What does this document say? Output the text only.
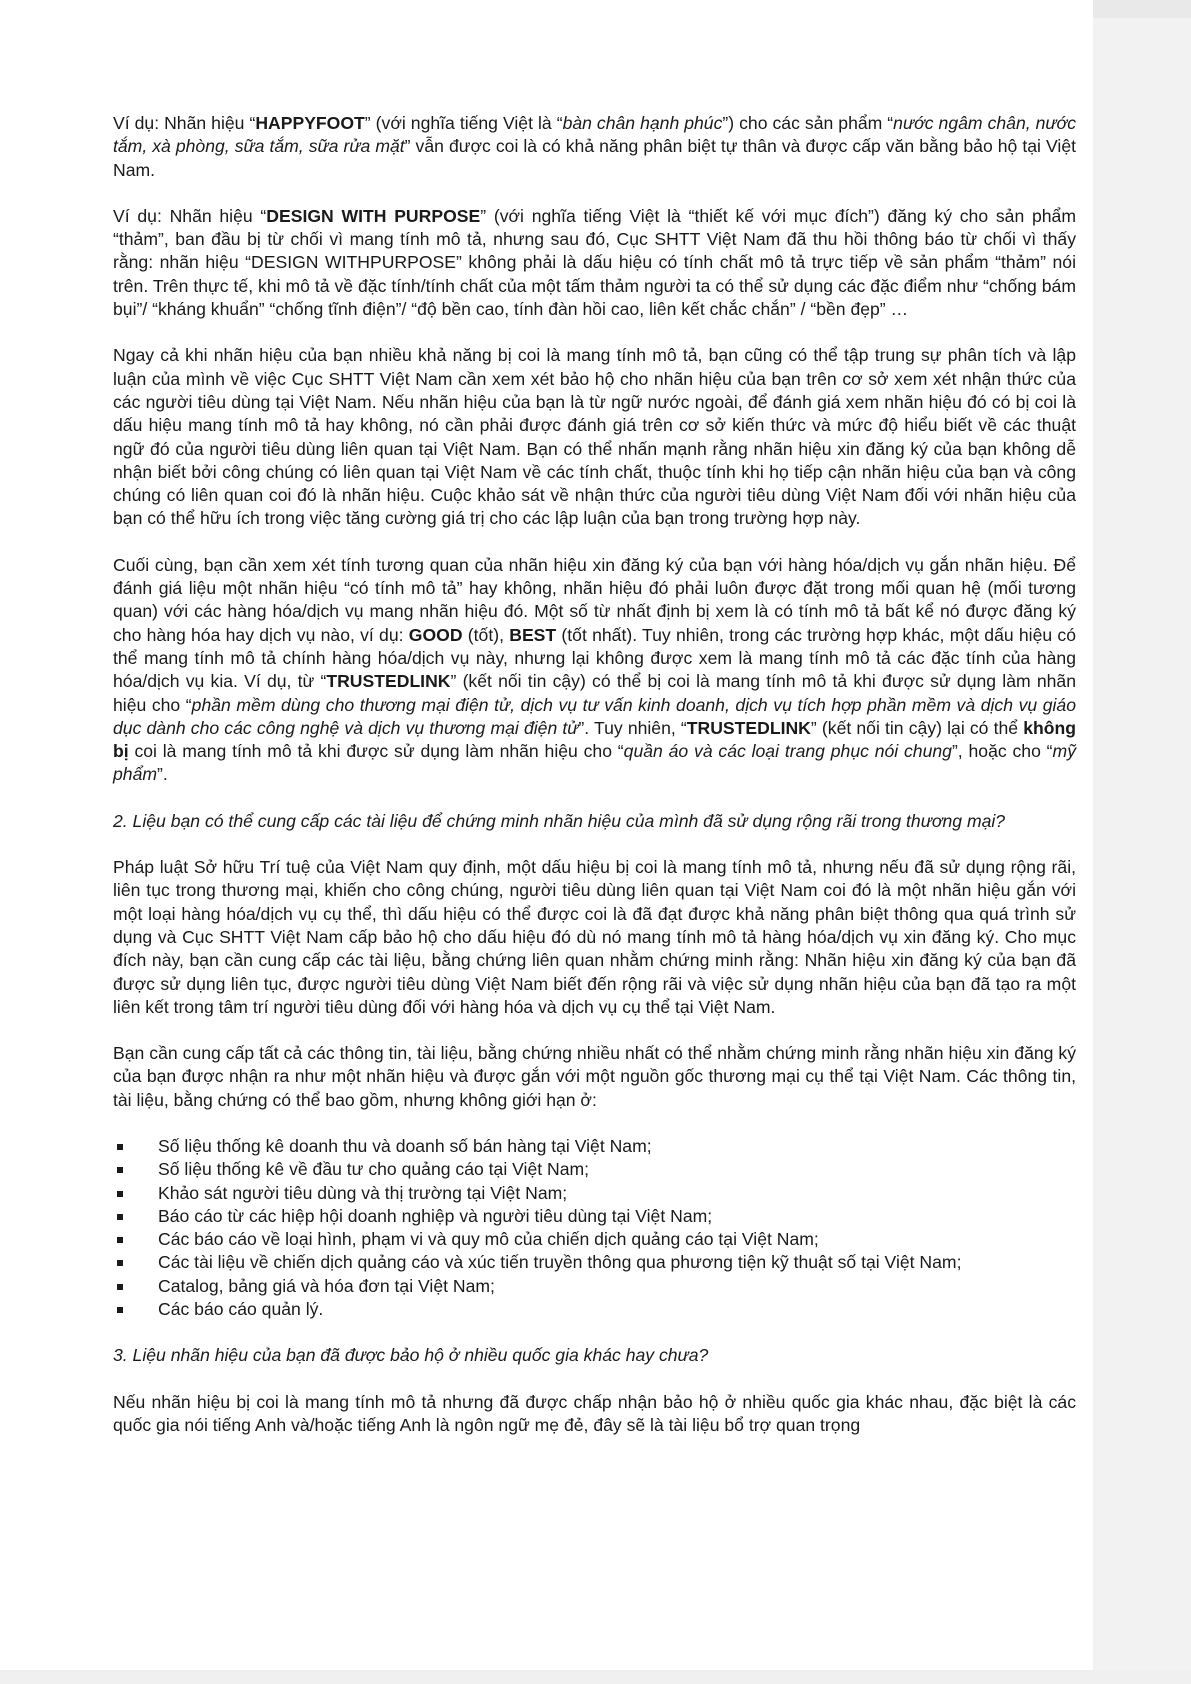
Ví dụ: Nhãn hiệu “HAPPYFOOT” (với nghĩa tiếng Việt là “bàn chân hạnh phúc”) cho các sản phẩm “nước ngâm chân, nước tắm, xà phòng, sữa tắm, sữa rửa mặt” vẫn được coi là có khả năng phân biệt tự thân và được cấp văn bằng bảo hộ tại Việt Nam.

Ví dụ: Nhãn hiệu “DESIGN WITH PURPOSE” (với nghĩa tiếng Việt là “thiết kế với mục đích”) đăng ký cho sản phẩm “thảm”, ban đầu bị từ chối vì mang tính mô tả, nhưng sau đó, Cục SHTT Việt Nam đã thu hồi thông báo từ chối vì thấy rằng: nhãn hiệu “DESIGN WITHPURPOSE” không phải là dấu hiệu có tính chất mô tả trực tiếp về sản phẩm “thảm” nói trên. Trên thực tế, khi mô tả về đặc tính/tính chất của một tấm thảm người ta có thể sử dụng các đặc điểm như “chống bám bụi”/ “kháng khuẩn” “chống tĩnh điện”/ “độ bền cao, tính đàn hồi cao, liên kết chắc chắn” / “bền đẹp” …

Ngay cả khi nhãn hiệu của bạn nhiều khả năng bị coi là mang tính mô tả, bạn cũng có thể tập trung sự phân tích và lập luận của mình về việc Cục SHTT Việt Nam cần xem xét bảo hộ cho nhãn hiệu của bạn trên cơ sở xem xét nhận thức của các người tiêu dùng tại Việt Nam. Nếu nhãn hiệu của bạn là từ ngữ nước ngoài, để đánh giá xem nhãn hiệu đó có bị coi là dấu hiệu mang tính mô tả hay không, nó cần phải được đánh giá trên cơ sở kiến thức và mức độ hiểu biết về các thuật ngữ đó của người tiêu dùng liên quan tại Việt Nam. Bạn có thể nhấn mạnh rằng nhãn hiệu xin đăng ký của bạn không dễ nhận biết bởi công chúng có liên quan tại Việt Nam về các tính chất, thuộc tính khi họ tiếp cận nhãn hiệu của bạn và công chúng có liên quan coi đó là nhãn hiệu. Cuộc khảo sát về nhận thức của người tiêu dùng Việt Nam đối với nhãn hiệu của bạn có thể hữu ích trong việc tăng cường giá trị cho các lập luận của bạn trong trường hợp này.

Cuối cùng, bạn cần xem xét tính tương quan của nhãn hiệu xin đăng ký của bạn với hàng hóa/dịch vụ gắn nhãn hiệu. Để đánh giá liệu một nhãn hiệu “có tính mô tả” hay không, nhãn hiệu đó phải luôn được đặt trong mối quan hệ (mối tương quan) với các hàng hóa/dịch vụ mang nhãn hiệu đó. Một số từ nhất định bị xem là có tính mô tả bất kể nó được đăng ký cho hàng hóa hay dịch vụ nào, ví dụ: GOOD (tốt), BEST (tốt nhất). Tuy nhiên, trong các trường hợp khác, một dấu hiệu có thể mang tính mô tả chính hàng hóa/dịch vụ này, nhưng lại không được xem là mang tính mô tả các đặc tính của hàng hóa/dịch vụ kia. Ví dụ, từ “TRUSTEDLINK” (kết nối tin cậy) có thể bị coi là mang tính mô tả khi được sử dụng làm nhãn hiệu cho “phần mềm dùng cho thương mại điện tử, dịch vụ tư vấn kinh doanh, dịch vụ tích hợp phần mềm và dịch vụ giáo dục dành cho các công nghệ và dịch vụ thương mại điện tử”. Tuy nhiên, “TRUSTEDLINK” (kết nối tin cậy) lại có thể không bị coi là mang tính mô tả khi được sử dụng làm nhãn hiệu cho “quần áo và các loại trang phục nói chung”, hoặc cho “mỹ phẩm”.

2. Liệu bạn có thể cung cấp các tài liệu để chứng minh nhãn hiệu của mình đã sử dụng rộng rãi trong thương mại?

Pháp luật Sở hữu Trí tuệ của Việt Nam quy định, một dấu hiệu bị coi là mang tính mô tả, nhưng nếu đã sử dụng rộng rãi, liên tục trong thương mại, khiến cho công chúng, người tiêu dùng liên quan tại Việt Nam coi đó là một nhãn hiệu gắn với một loại hàng hóa/dịch vụ cụ thể, thì dấu hiệu có thể được coi là đã đạt được khả năng phân biệt thông qua quá trình sử dụng và Cục SHTT Việt Nam cấp bảo hộ cho dấu hiệu đó dù nó mang tính mô tả hàng hóa/dịch vụ xin đăng ký. Cho mục đích này, bạn cần cung cấp các tài liệu, bằng chứng liên quan nhằm chứng minh rằng: Nhãn hiệu xin đăng ký của bạn đã được sử dụng liên tục, được người tiêu dùng Việt Nam biết đến rộng rãi và việc sử dụng nhãn hiệu của bạn đã tạo ra một liên kết trong tâm trí người tiêu dùng đối với hàng hóa và dịch vụ cụ thể tại Việt Nam.

Bạn cần cung cấp tất cả các thông tin, tài liệu, bằng chứng nhiều nhất có thể nhằm chứng minh rằng nhãn hiệu xin đăng ký của bạn được nhận ra như một nhãn hiệu và được gắn với một nguồn gốc thương mại cụ thể tại Việt Nam. Các thông tin, tài liệu, bằng chứng có thể bao gồm, nhưng không giới hạn ở:

Số liệu thống kê doanh thu và doanh số bán hàng tại Việt Nam;
Số liệu thống kê về đầu tư cho quảng cáo tại Việt Nam;
Khảo sát người tiêu dùng và thị trường tại Việt Nam;
Báo cáo từ các hiệp hội doanh nghiệp và người tiêu dùng tại Việt Nam;
Các báo cáo về loại hình, phạm vi và quy mô của chiến dịch quảng cáo tại Việt Nam;
Các tài liệu về chiến dịch quảng cáo và xúc tiến truyền thông qua phương tiện kỹ thuật số tại Việt Nam;
Catalog, bảng giá và hóa đơn tại Việt Nam;
Các báo cáo quản lý.

3. Liệu nhãn hiệu của bạn đã được bảo hộ ở nhiều quốc gia khác hay chưa?

Nếu nhãn hiệu bị coi là mang tính mô tả nhưng đã được chấp nhận bảo hộ ở nhiều quốc gia khác nhau, đặc biệt là các quốc gia nói tiếng Anh và/hoặc tiếng Anh là ngôn ngữ mẹ đẻ, đây sẽ là tài liệu bổ trợ quan trọng
